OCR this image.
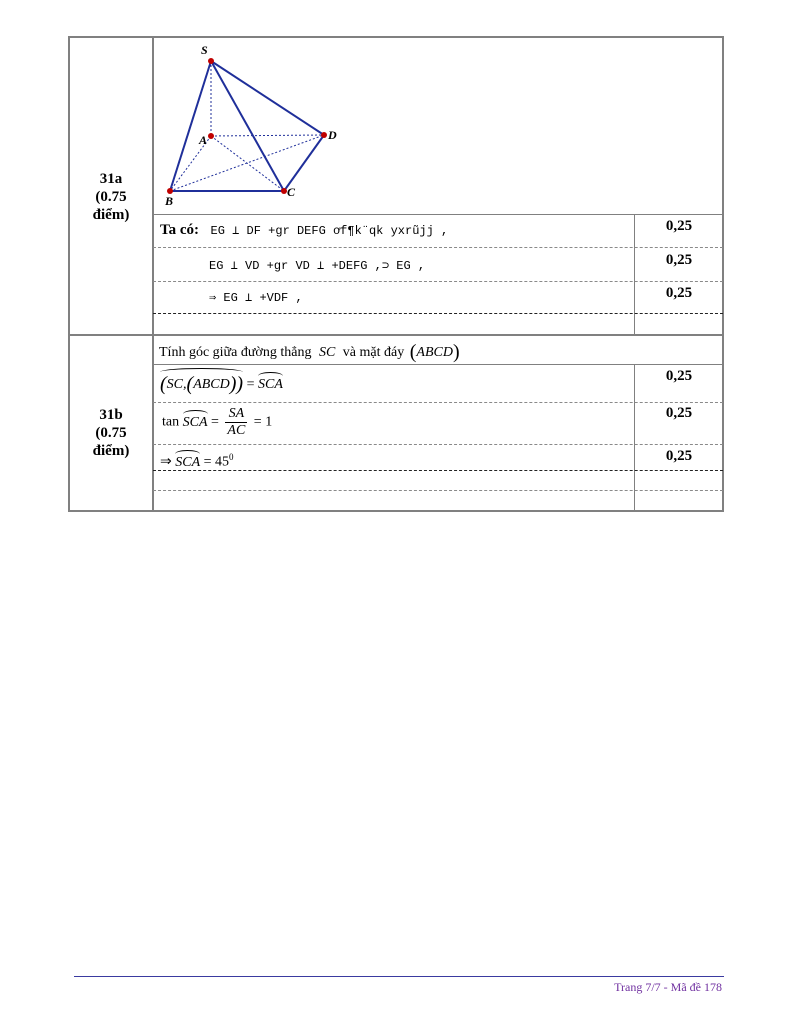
S
A
B
C
D
31a
(0.75
điểm)
Ta có: EG ⊥ DF +gr DEFG ơf¶k¨qk yxrũjj ,
EG ⊥ VD +gr VD ⊥ +DEFG ,⊃ EG ,
⇒ EG ⊥ +VDF ,
0,25
0,25
0,25
31b
(0.75
điểm)
Tính góc giữa đường thẳng SC và mặt đáy (ABCD)
(SC,(ABCD)) = SCA
tan SCA = $\frac{SA}{AC} = 1$
⇒ SCA = $45^0$
0,25
0,25
0,25
Trang 7/7 - Mã đề 178
